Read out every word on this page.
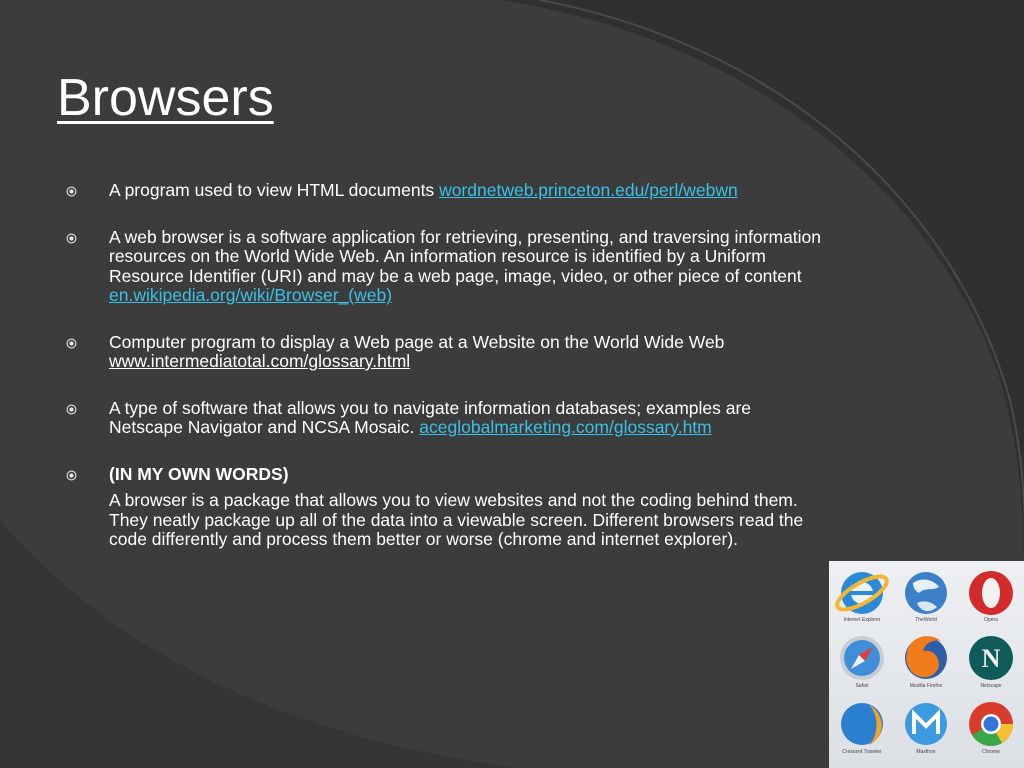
Browsers
A program used to view HTML documents wordnetweb.princeton.edu/perl/webwn
A web browser is a software application for retrieving, presenting, and traversing information resources on the World Wide Web. An information resource is identified by a Uniform Resource Identifier (URI) and may be a web page, image, video, or other piece of content en.wikipedia.org/wiki/Browser_(web)
Computer program to display a Web page at a Website on the World Wide Web www.intermediatotal.com/glossary.html
A type of software that allows you to navigate information databases; examples are Netscape Navigator and NCSA Mosaic. aceglobalmarketing.com/glossary.htm
(IN MY OWN WORDS)
A browser is a package that allows you to view websites and not the coding behind them. They neatly package up all of the data into a viewable screen. Different browsers read the code differently and process them better or worse (chrome and internet explorer).
N
Internet Explorer	TheWorld	Opera
Safari	Mozilla Firefox	Netscape
Crescent Traveler	Maxthon	Chrome
